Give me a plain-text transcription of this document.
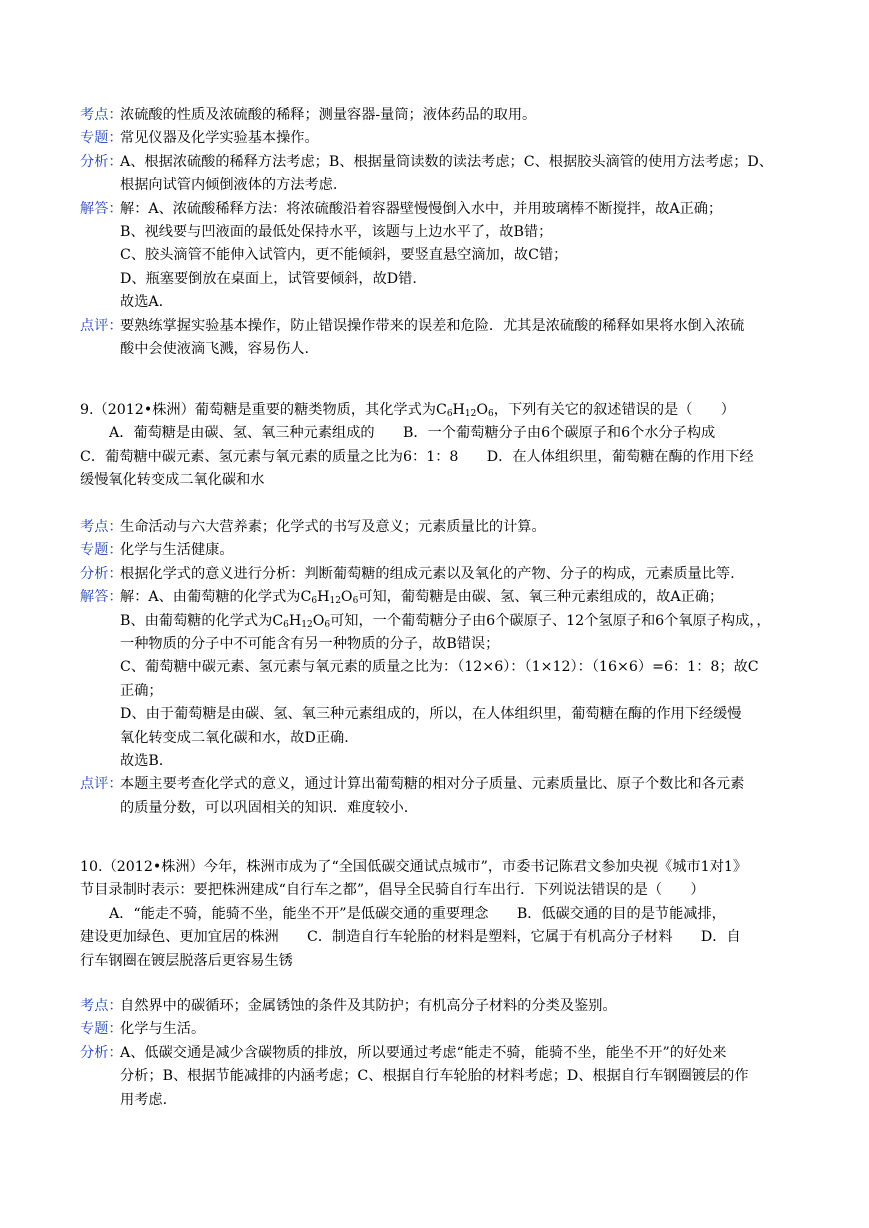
考点：
浓硫酸的性质及浓硫酸的稀释；测量容器-量筒；液体药品的取用。
专题：
常见仪器及化学实验基本操作。
分析：
A、根据浓硫酸的稀释方法考虑；B、根据量筒读数的读法考虑；C、根据胶头滴管的使用方法考虑；D、
根据向试管内倾倒液体的方法考虑.
解答：
解：A、浓硫酸稀释方法：将浓硫酸沿着容器壁慢慢倒入水中，并用玻璃棒不断搅拌，故A正确；
B、视线要与凹液面的最低处保持水平，该题与上边水平了，故B错；
C、胶头滴管不能伸入试管内，更不能倾斜，要竖直悬空滴加，故C错；
D、瓶塞要倒放在桌面上，试管要倾斜，故D错.
故选A.
点评：
要熟练掌握实验基本操作，防止错误操作带来的误差和危险．尤其是浓硫酸的稀释如果将水倒入浓硫
酸中会使液滴飞溅，容易伤人.
9.（2012•株洲）葡萄糖是重要的糖类物质，其化学式为$C_6H_{12}O_6$，下列有关它的叙述错误的是（　　）
A．葡萄糖是由碳、氢、氧三种元素组成的　　B．一个葡萄糖分子由6个碳原子和6个水分子构成
C．葡萄糖中碳元素、氢元素与氧元素的质量之比为6：1：8　　D．在人体组织里，葡萄糖在酶的作用下经
缓慢氧化转变成二氧化碳和水
考点：
生命活动与六大营养素；化学式的书写及意义；元素质量比的计算。
专题：
化学与生活健康。
分析：
根据化学式的意义进行分析：判断葡萄糖的组成元素以及氧化的产物、分子的构成，元素质量比等.
解答：
解：A、由葡萄糖的化学式为$C_6H_{12}O_6$可知，葡萄糖是由碳、氢、氧三种元素组成的，故A正确；
B、由葡萄糖的化学式为$C_6H_{12}O_6$可知，一个葡萄糖分子由6个碳原子、12个氢原子和6个氧原子构成，，
一种物质的分子中不可能含有另一种物质的分子，故B错误；
C、葡萄糖中碳元素、氢元素与氧元素的质量之比为：（12×6）：（1×12）：（16×6）=6：1：8；故C
正确；
D、由于葡萄糖是由碳、氢、氧三种元素组成的，所以，在人体组织里，葡萄糖在酶的作用下经缓慢
氧化转变成二氧化碳和水，故D正确.
故选B.
点评：
本题主要考查化学式的意义，通过计算出葡萄糖的相对分子质量、元素质量比、原子个数比和各元素
的质量分数，可以巩固相关的知识．难度较小.
10.（2012•株洲）今年，株洲市成为了“全国低碳交通试点城市”，市委书记陈君文参加央视《城市1对1》
节目录制时表示：要把株洲建成“自行车之都”，倡导全民骑自行车出行．下列说法错误的是（　　）
A．“能走不骑，能骑不坐，能坐不开”是低碳交通的重要理念　　B．低碳交通的目的是节能减排，
建设更加绿色、更加宜居的株洲　　C．制造自行车轮胎的材料是塑料，它属于有机高分子材料　　D．自
行车钢圈在镀层脱落后更容易生锈
考点：
自然界中的碳循环；金属锈蚀的条件及其防护；有机高分子材料的分类及鉴别。
专题：
化学与生活。
分析：
A、低碳交通是减少含碳物质的排放，所以要通过考虑“能走不骑，能骑不坐，能坐不开”的好处来
分析；B、根据节能减排的内涵考虑；C、根据自行车轮胎的材料考虑；D、根据自行车钢圈镀层的作
用考虑.
